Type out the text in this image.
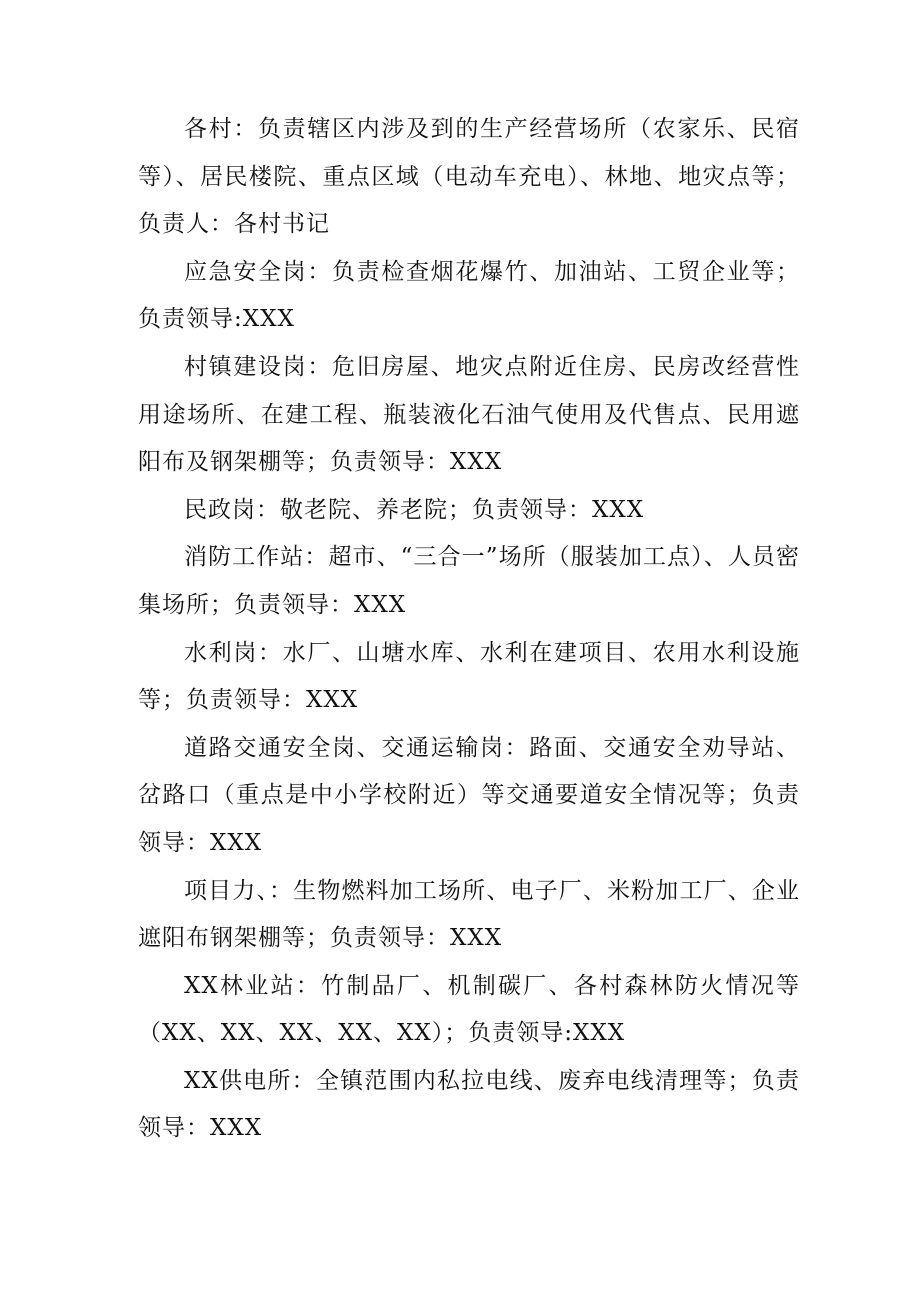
各村：负责辖区内涉及到的生产经营场所（农家乐、民宿等）、居民楼院、重点区域（电动车充电）、林地、地灾点等；负责人：各村书记

应急安全岗：负责检查烟花爆竹、加油站、工贸企业等；负责领导:XXX

村镇建设岗：危旧房屋、地灾点附近住房、民房改经营性用途场所、在建工程、瓶装液化石油气使用及代售点、民用遮阳布及钢架棚等；负责领导：XXX

民政岗：敬老院、养老院；负责领导：XXX

消防工作站：超市、“三合一”场所（服装加工点）、人员密集场所；负责领导：XXX

水利岗：水厂、山塘水库、水利在建项目、农用水利设施等；负责领导：XXX

道路交通安全岗、交通运输岗：路面、交通安全劝导站、岔路口（重点是中小学校附近）等交通要道安全情况等；负责领导：XXX

项目力、：生物燃料加工场所、电子厂、米粉加工厂、企业遮阳布钢架棚等；负责领导：XXX

XX林业站：竹制品厂、机制碳厂、各村森林防火情况等（XX、XX、XX、XX、XX）；负责领导:XXX

XX供电所：全镇范围内私拉电线、废弃电线清理等；负责领导：XXX
